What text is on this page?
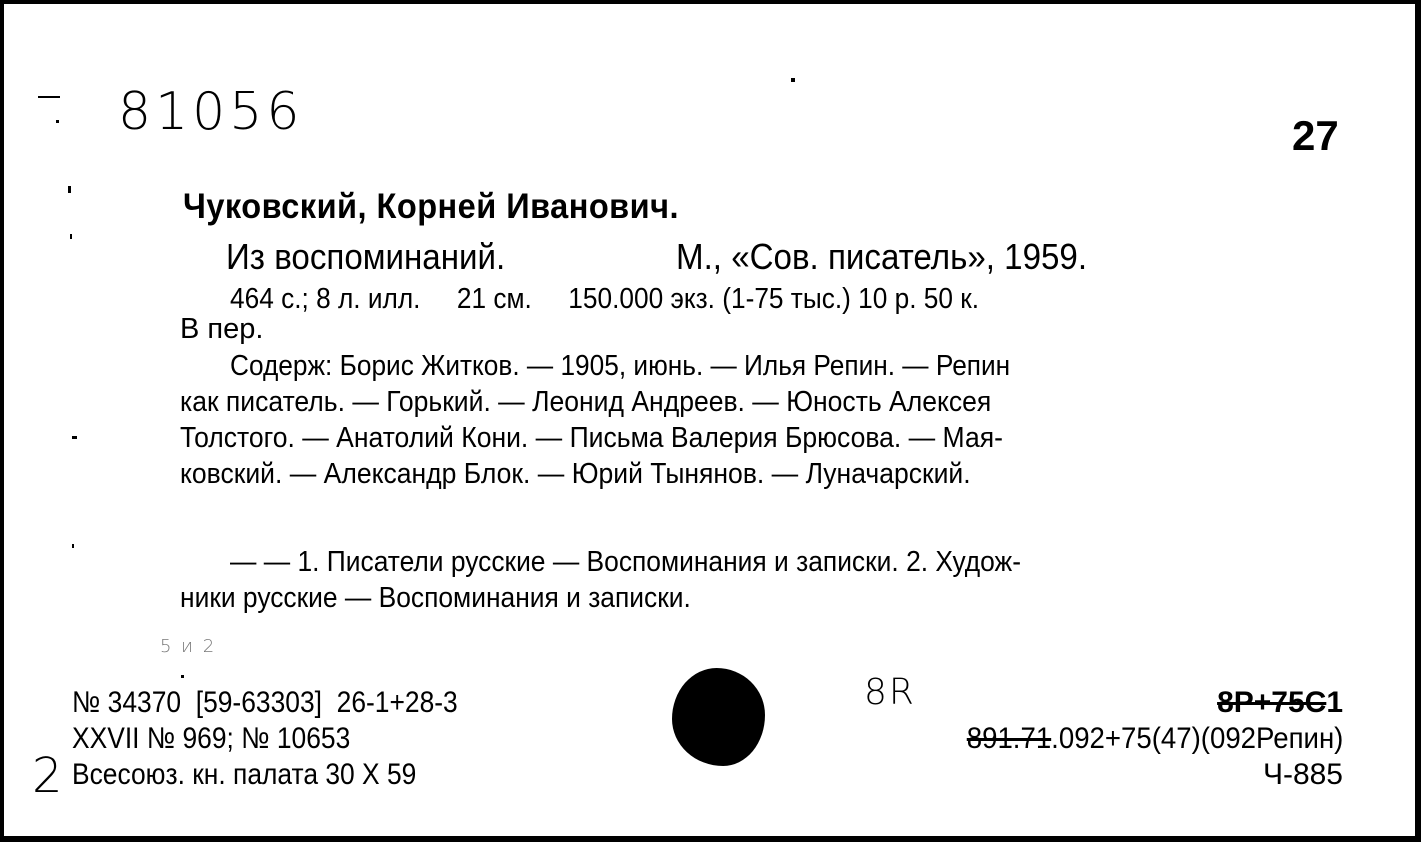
81056	27
Чуковский, Корней Иванович.
Из воспоминаний.	М., «Сов. писатель», 1959.
464 с.; 8 л. илл.     21 см.     150.000 экз. (1-75 тыс.) 10 р. 50 к.
В пер.
Содерж: Борис Житков. — 1905, июнь. — Илья Репин. — Репин
как писатель. — Горький. — Леонид Андреев. — Юность Алексея
Толстого. — Анатолий Кони. — Письма Валерия Брюсова. — Мая-
ковский. — Александр Блок. — Юрий Тынянов. — Луначарский.
— — 1. Писатели русские — Воспоминания и записки. 2. Худож-
ники русские — Воспоминания и записки.
5 и 2
2
№ 34370  [59-63303]  26-1+28-3
XXVII № 969; № 10653
Всесоюз. кн. палата 30 X 59
8R	8Р+75С1
891.71.092+75(47)(092Репин)
Ч-885
